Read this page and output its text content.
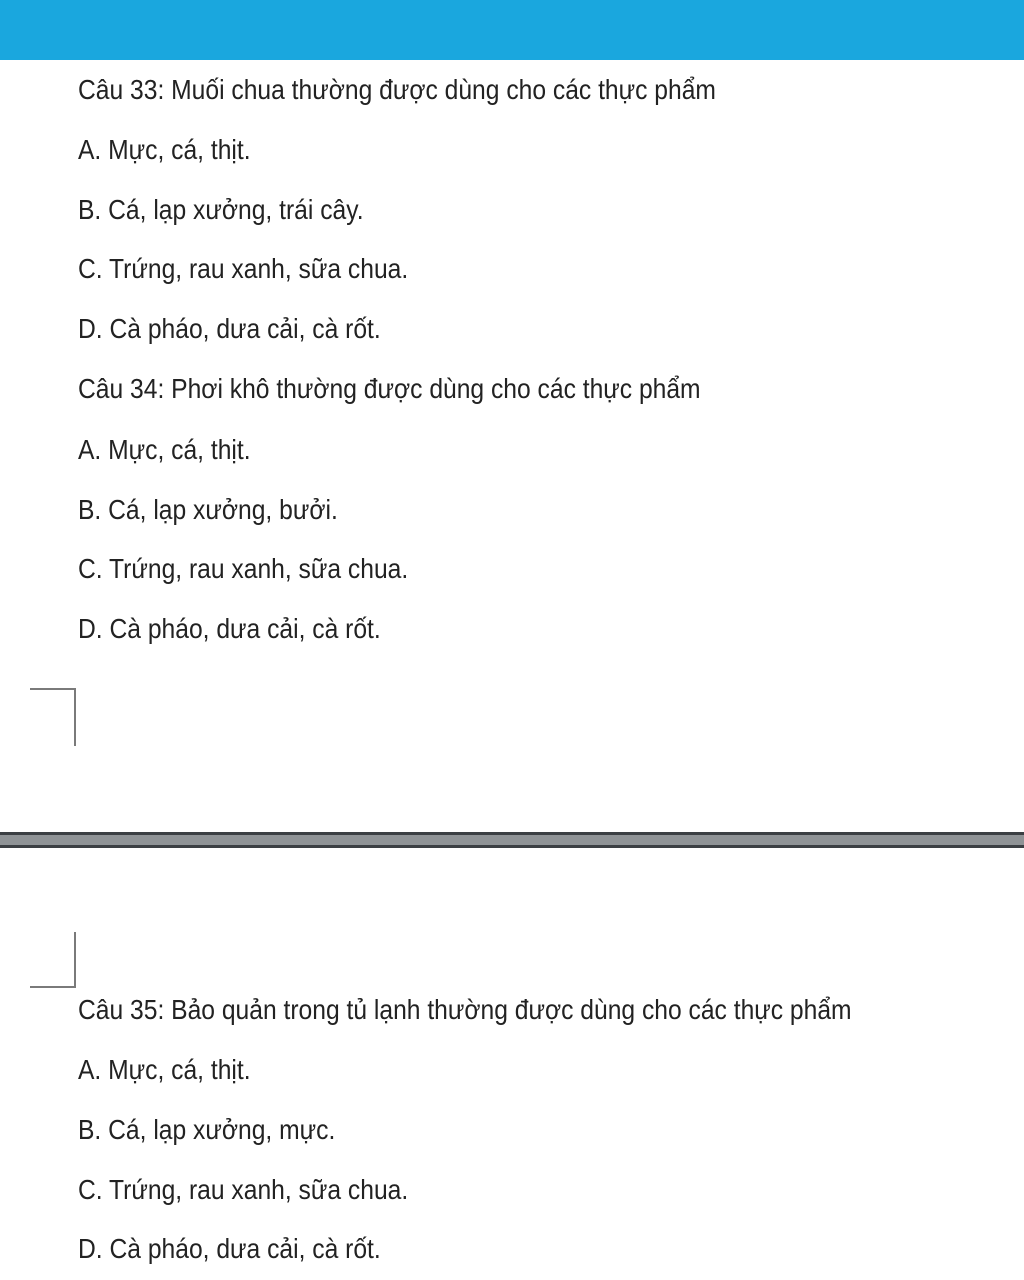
Câu 33: Muối chua thường được dùng cho các thực phẩm
A. Mực, cá, thịt.
B. Cá, lạp xưởng, trái cây.
C. Trứng, rau xanh, sữa chua.
D. Cà pháo, dưa cải, cà rốt.
Câu 34: Phơi khô thường được dùng cho các thực phẩm
A. Mực, cá, thịt.
B. Cá, lạp xưởng, bưởi.
C. Trứng, rau xanh, sữa chua.
D. Cà pháo, dưa cải, cà rốt.
Câu 35: Bảo quản trong tủ lạnh thường được dùng cho các thực phẩm
A. Mực, cá, thịt.
B. Cá, lạp xưởng, mực.
C. Trứng, rau xanh, sữa chua.
D. Cà pháo, dưa cải, cà rốt.
